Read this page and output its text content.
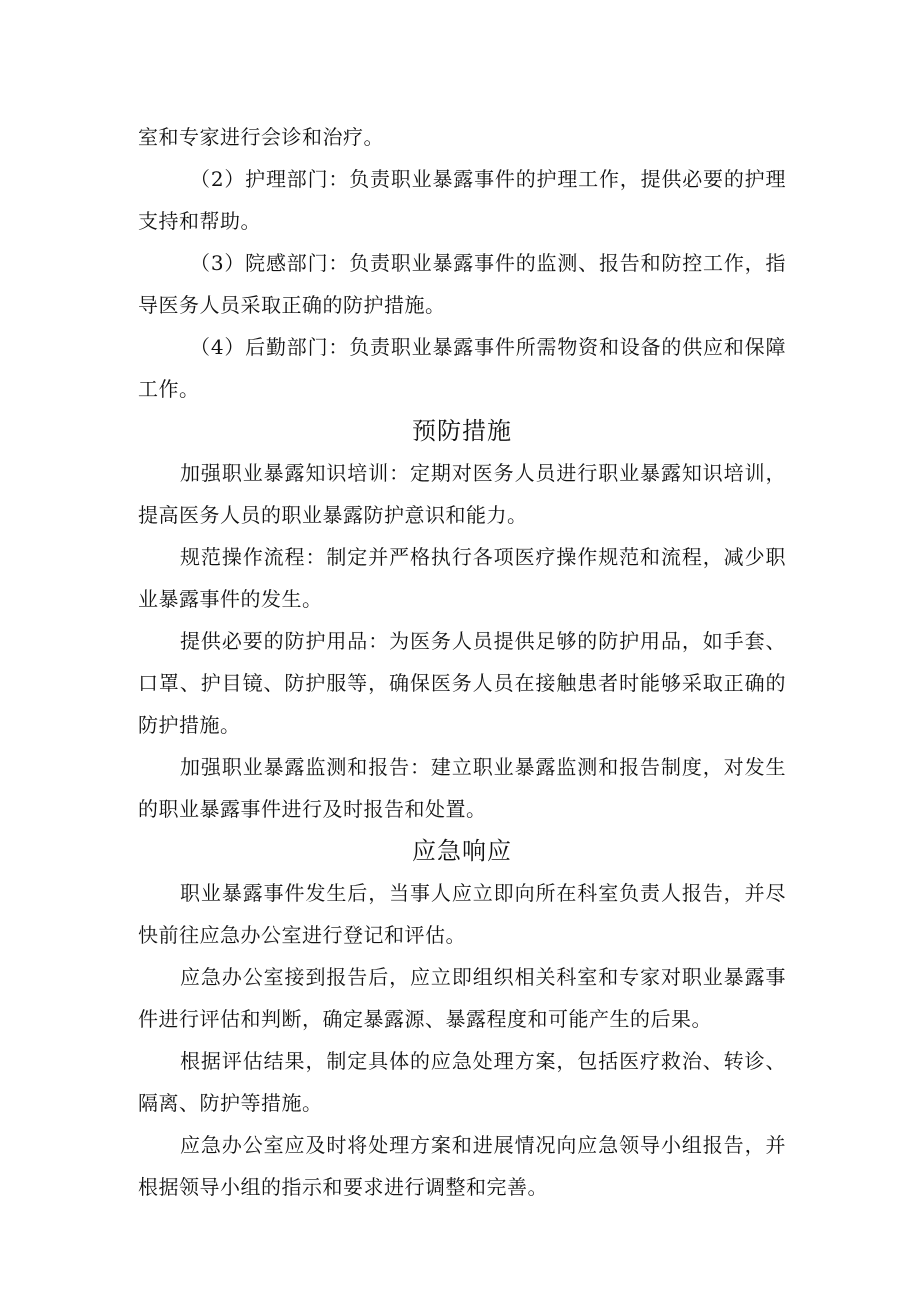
室和专家进行会诊和治疗。

（2）护理部门：负责职业暴露事件的护理工作，提供必要的护理支持和帮助。

（3）院感部门：负责职业暴露事件的监测、报告和防控工作，指导医务人员采取正确的防护措施。

（4）后勤部门：负责职业暴露事件所需物资和设备的供应和保障工作。

预防措施

加强职业暴露知识培训：定期对医务人员进行职业暴露知识培训，提高医务人员的职业暴露防护意识和能力。

规范操作流程：制定并严格执行各项医疗操作规范和流程，减少职业暴露事件的发生。

提供必要的防护用品：为医务人员提供足够的防护用品，如手套、口罩、护目镜、防护服等，确保医务人员在接触患者时能够采取正确的防护措施。

加强职业暴露监测和报告：建立职业暴露监测和报告制度，对发生的职业暴露事件进行及时报告和处置。

应急响应

职业暴露事件发生后，当事人应立即向所在科室负责人报告，并尽快前往应急办公室进行登记和评估。

应急办公室接到报告后，应立即组织相关科室和专家对职业暴露事件进行评估和判断，确定暴露源、暴露程度和可能产生的后果。

根据评估结果，制定具体的应急处理方案，包括医疗救治、转诊、隔离、防护等措施。

应急办公室应及时将处理方案和进展情况向应急领导小组报告，并根据领导小组的指示和要求进行调整和完善。
